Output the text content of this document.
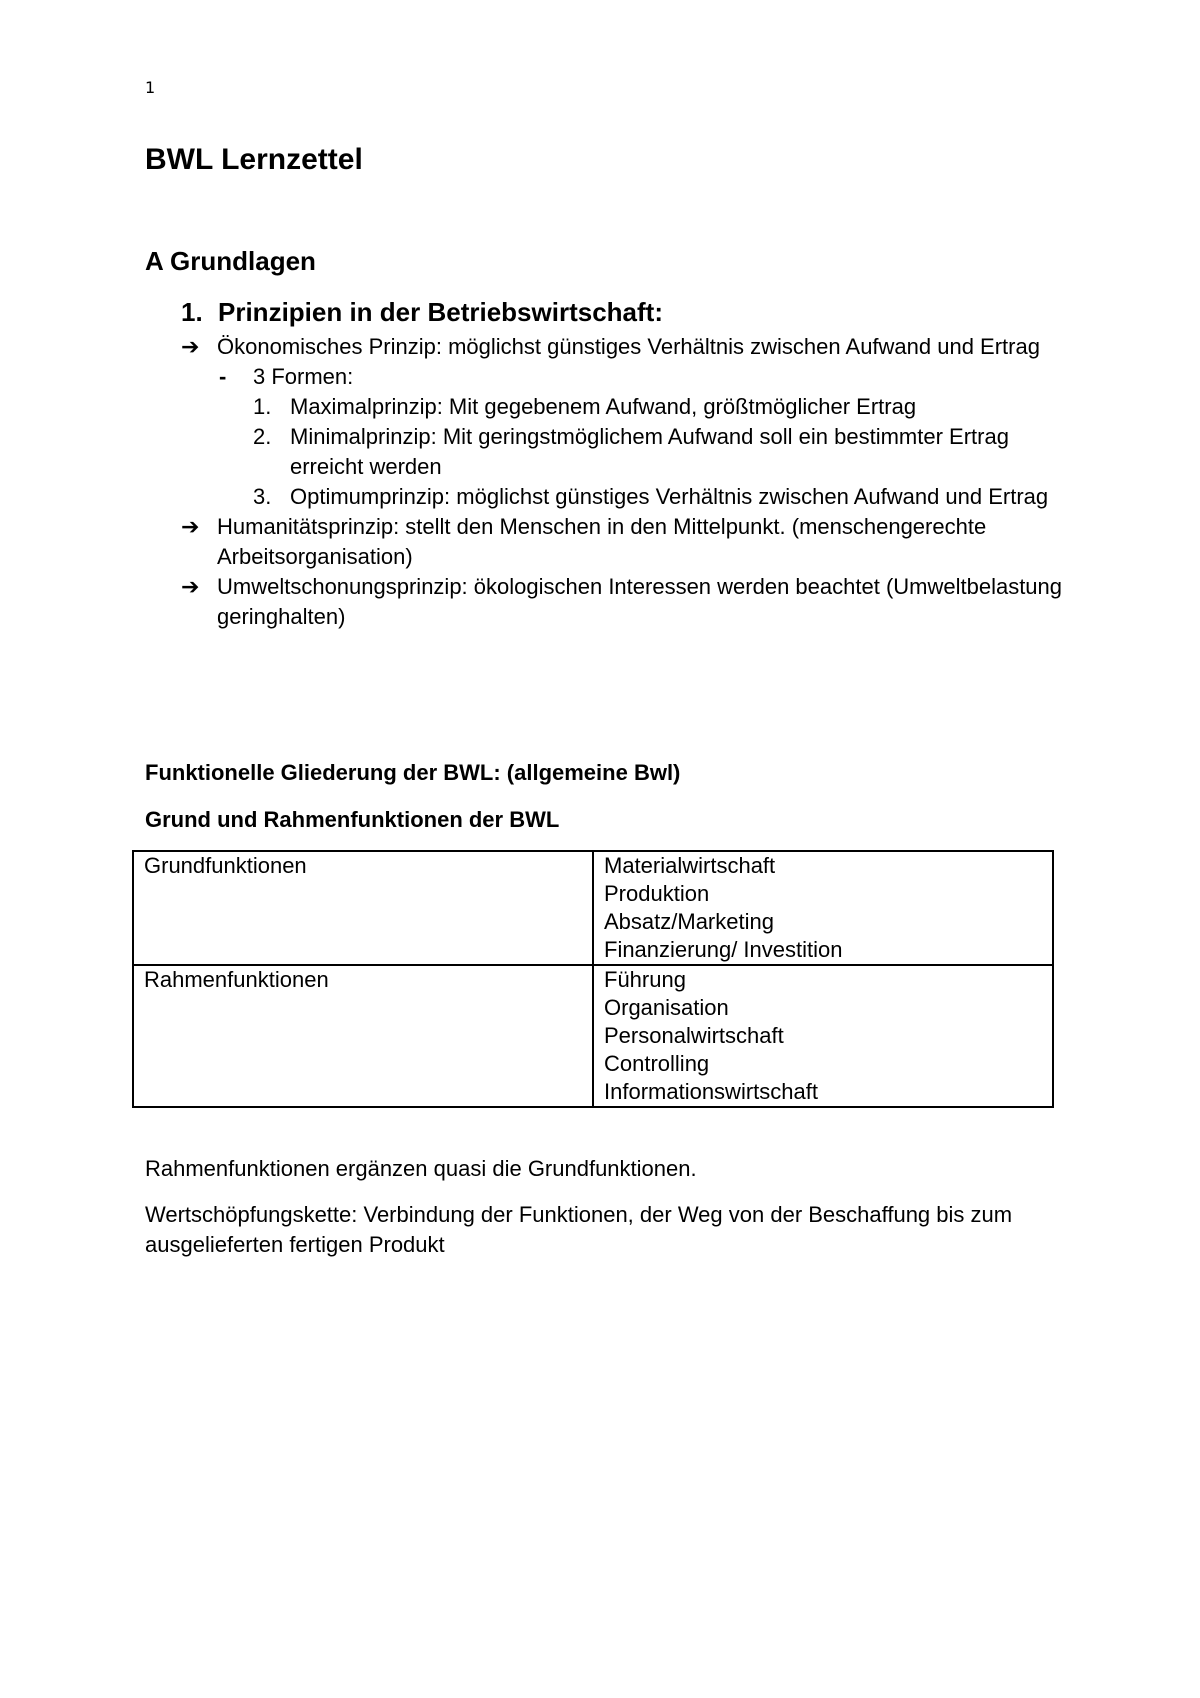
1
BWL Lernzettel
A Grundlagen
1. Prinzipien in der Betriebswirtschaft:
➔ Ökonomisches Prinzip: möglichst günstiges Verhältnis zwischen Aufwand und Ertrag
- 3 Formen:
1. Maximalprinzip: Mit gegebenem Aufwand, größtmöglicher Ertrag
2. Minimalprinzip: Mit geringstmöglichem Aufwand soll ein bestimmter Ertrag erreicht werden
3. Optimumprinzip: möglichst günstiges Verhältnis zwischen Aufwand und Ertrag
➔ Humanitätsprinzip: stellt den Menschen in den Mittelpunkt. (menschengerechte Arbeitsorganisation)
➔ Umweltschonungsprinzip: ökologischen Interessen werden beachtet (Umweltbelastung geringhalten)
Funktionelle Gliederung der BWL: (allgemeine Bwl)
Grund und Rahmenfunktionen der BWL
Grundfunktionen	Materialwirtschaft
Produktion
Absatz/Marketing
Finanzierung/ Investition

Rahmenfunktionen	Führung
Organisation
Personalwirtschaft
Controlling
Informationswirtschaft

Rahmenfunktionen ergänzen quasi die Grundfunktionen.

Wertschöpfungskette: Verbindung der Funktionen, der Weg von der Beschaffung bis zum ausgelieferten fertigen Produkt
